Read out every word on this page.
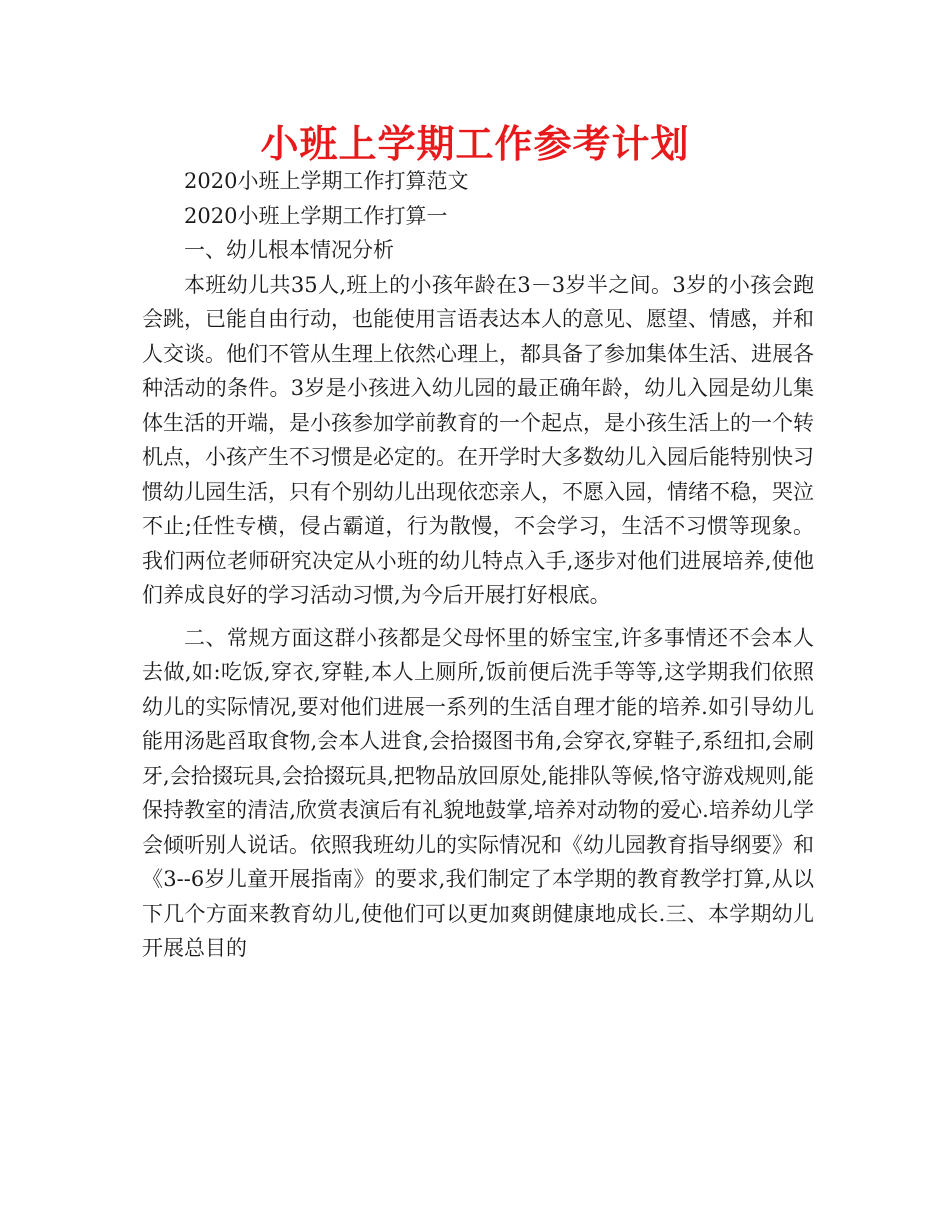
小班上学期工作参考计划

2020小班上学期工作打算范文

2020小班上学期工作打算一

一、幼儿根本情况分析

本班幼儿共35人,班上的小孩年龄在3－3岁半之间。3岁的小孩会跑会跳，已能自由行动，也能使用言语表达本人的意见、愿望、情感，并和人交谈。他们不管从生理上依然心理上，都具备了参加集体生活、进展各种活动的条件。3岁是小孩进入幼儿园的最正确年龄，幼儿入园是幼儿集体生活的开端，是小孩参加学前教育的一个起点，是小孩生活上的一个转机点，小孩产生不习惯是必定的。在开学时大多数幼儿入园后能特别快习惯幼儿园生活，只有个别幼儿出现依恋亲人，不愿入园，情绪不稳，哭泣不止;任性专横，侵占霸道，行为散慢，不会学习，生活不习惯等现象。我们两位老师研究决定从小班的幼儿特点入手,逐步对他们进展培养,使他们养成良好的学习活动习惯,为今后开展打好根底。

二、常规方面这群小孩都是父母怀里的娇宝宝,许多事情还不会本人去做,如:吃饭,穿衣,穿鞋,本人上厕所,饭前便后洗手等等,这学期我们依照幼儿的实际情况,要对他们进展一系列的生活自理才能的培养.如引导幼儿能用汤匙舀取食物,会本人进食,会拾掇图书角,会穿衣,穿鞋子,系纽扣,会刷牙,会拾掇玩具,会拾掇玩具,把物品放回原处,能排队等候,恪守游戏规则,能保持教室的清洁,欣赏表演后有礼貌地鼓掌,培养对动物的爱心.培养幼儿学会倾听别人说话。依照我班幼儿的实际情况和《幼儿园教育指导纲要》和《3--6岁儿童开展指南》的要求,我们制定了本学期的教育教学打算,从以下几个方面来教育幼儿,使他们可以更加爽朗健康地成长.三、本学期幼儿开展总目的
